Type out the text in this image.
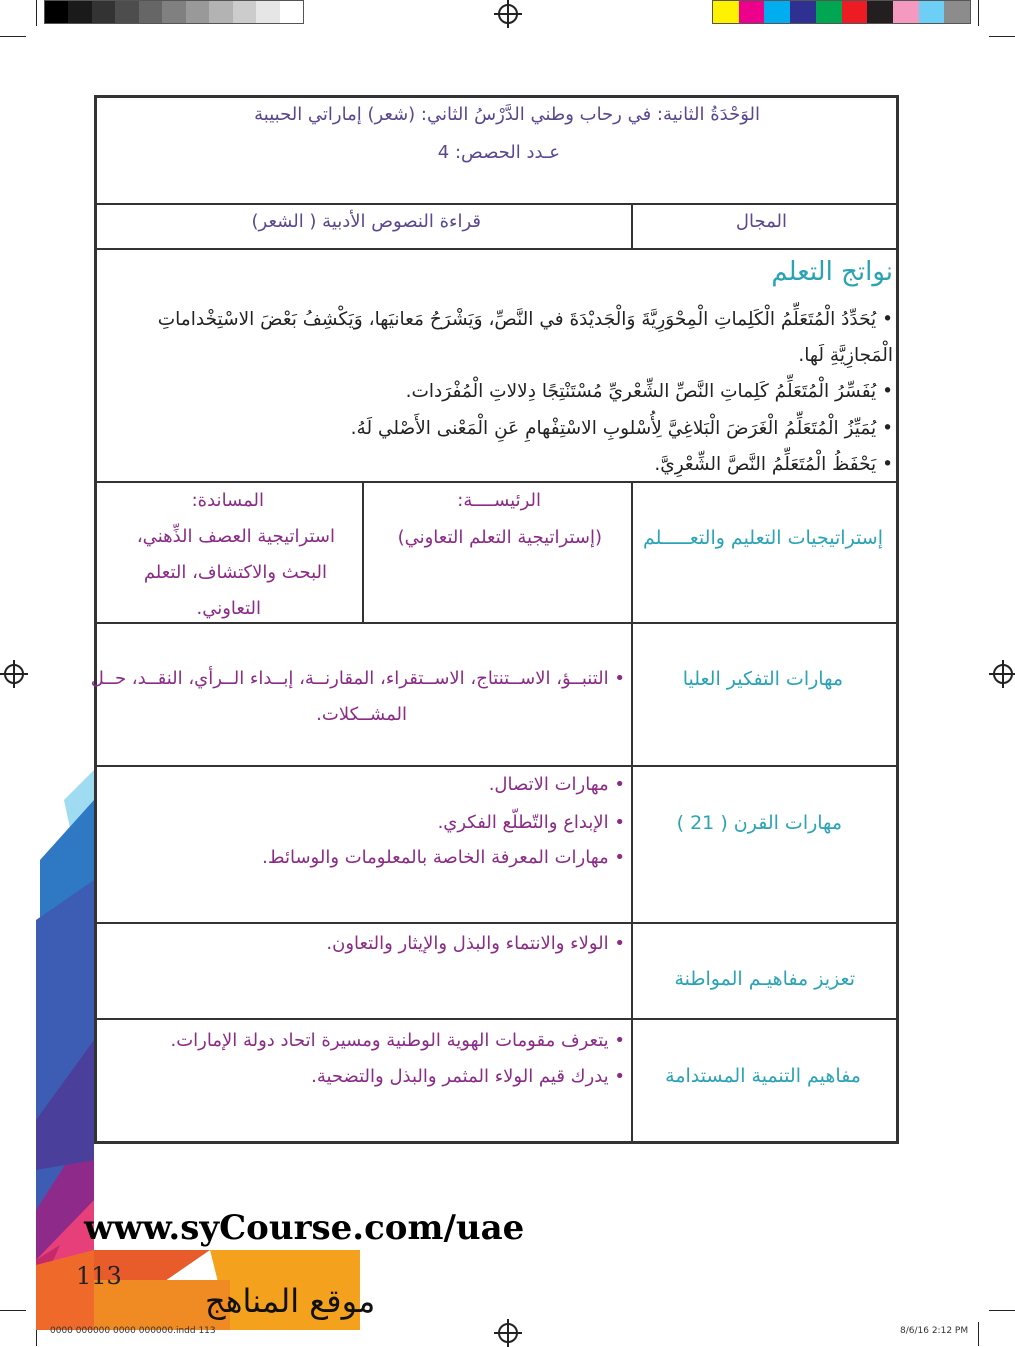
الوَحْدَةُ الثانية: في رحاب وطني الدَّرْسُ الثاني: (شعر) إماراتي الحبيبة
عـدد الحصص: 4
المجال
قراءة النصوص الأدبية ( الشعر)
نواتج التعلم
• يُحَدِّدُ الْمُتَعَلِّمُ الْكَلِماتِ الْمِحْوَرِيَّةَ وَالْجَديْدَةَ في النَّصِّ، وَيَشْرَحُ مَعانيَها، وَيَكْشِفُ بَعْضَ الاسْتِخْداماتِ
الْمَجازِيَّةِ لَها.
• يُفَسِّرُ الْمُتَعَلِّمُ كَلِماتِ النَّصِّ الشِّعْريِّ مُسْتَنْتِجًا دِلالاتِ الْمُفْرَدات.
• يُمَيِّزُ الْمُتَعَلِّمُ الْغَرَضَ الْبَلاغِيَّ لِأُسْلوبِ الاسْتِفْهامِ عَنِ الْمَعْنى الأَصْلي لَهُ.
• يَحْفَظُ الْمُتَعَلِّمُ النَّصَّ الشِّعْرِيَّ.
إستراتيجيات التعليم والتعـــــلم
الرئيســــة:
(إستراتيجية التعلم التعاوني)
المساندة:
استراتيجية العصف الذِّهني،
البحث والاكتشاف، التعلم
التعاوني.
مهارات التفكير العليا
• التنبــؤ، الاســتنتاج، الاســتقراء، المقارنــة، إبــداء الــرأي، النقــد، حــل
المشــكلات.
مهارات القرن ( 21 )
• مهارات الاتصال.
• الإبداع والتّطلّع الفكري.
• مهارات المعرفة الخاصة بالمعلومات والوسائط.
تعزيز مفاهيـم المواطنة
• الولاء والانتماء والبذل والإيثار والتعاون.
مفاهيم التنمية المستدامة
• يتعرف مقومات الهوية الوطنية ومسيرة اتحاد دولة الإمارات.
• يدرك قيم الولاء المثمر والبذل والتضحية.
www.syCourse.com/uae
113
موقع المناهج
0000 000000 0000 000000.indd 113	8/6/16 2:12 PM
